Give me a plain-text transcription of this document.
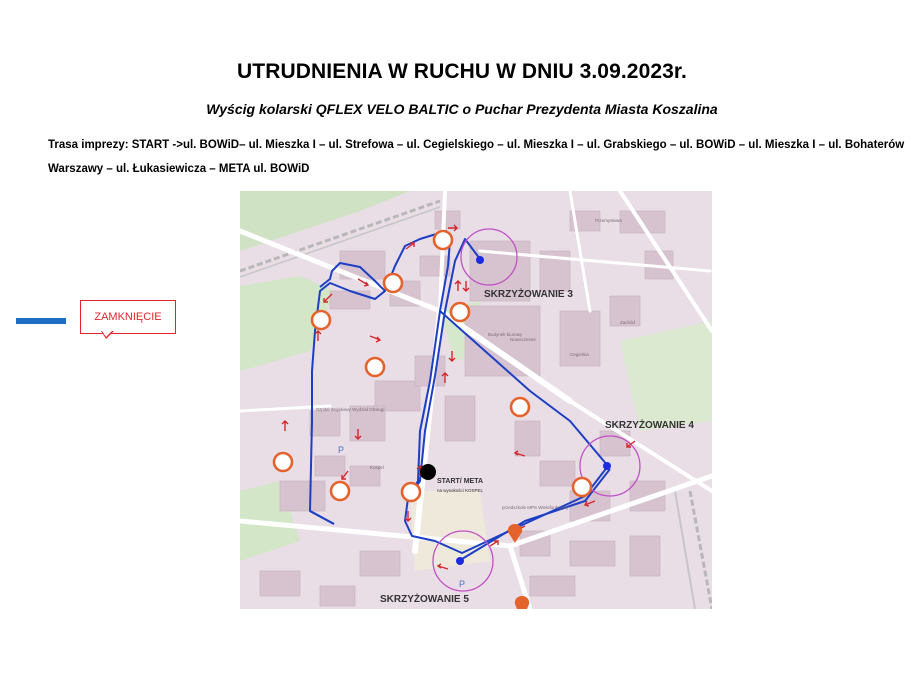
UTRUDNIENIA W RUCHU W DNIU 3.09.2023r.
Wyścig kolarski QFLEX VELO BALTIC o Puchar Prezydenta Miasta Koszalina
Trasa imprezy: START ->ul. BOWiD– ul. Mieszka I – ul. Strefowa – ul. Cegielskiego – ul. Mieszka I – ul. Grabskiego – ul. BOWiD – ul. Mieszka I – ul. Bohaterów Warszawy – ul. Łukasiewicza – META ul. BOWiD
ZAMKNIĘCIE
P
P
Przemysłowa
Budynek biurowy
Nowoczesne
Cegielnia
Zachód
Kospel
Szpital Wojskowy Wydział Obsługi
przedszkole MPS Wielofunkcyjny
SKRZYŻOWANIE 3
SKRZYŻOWANIE 4
SKRZYŻOWANIE 5
START/ META
na wysokości KOSPEL
